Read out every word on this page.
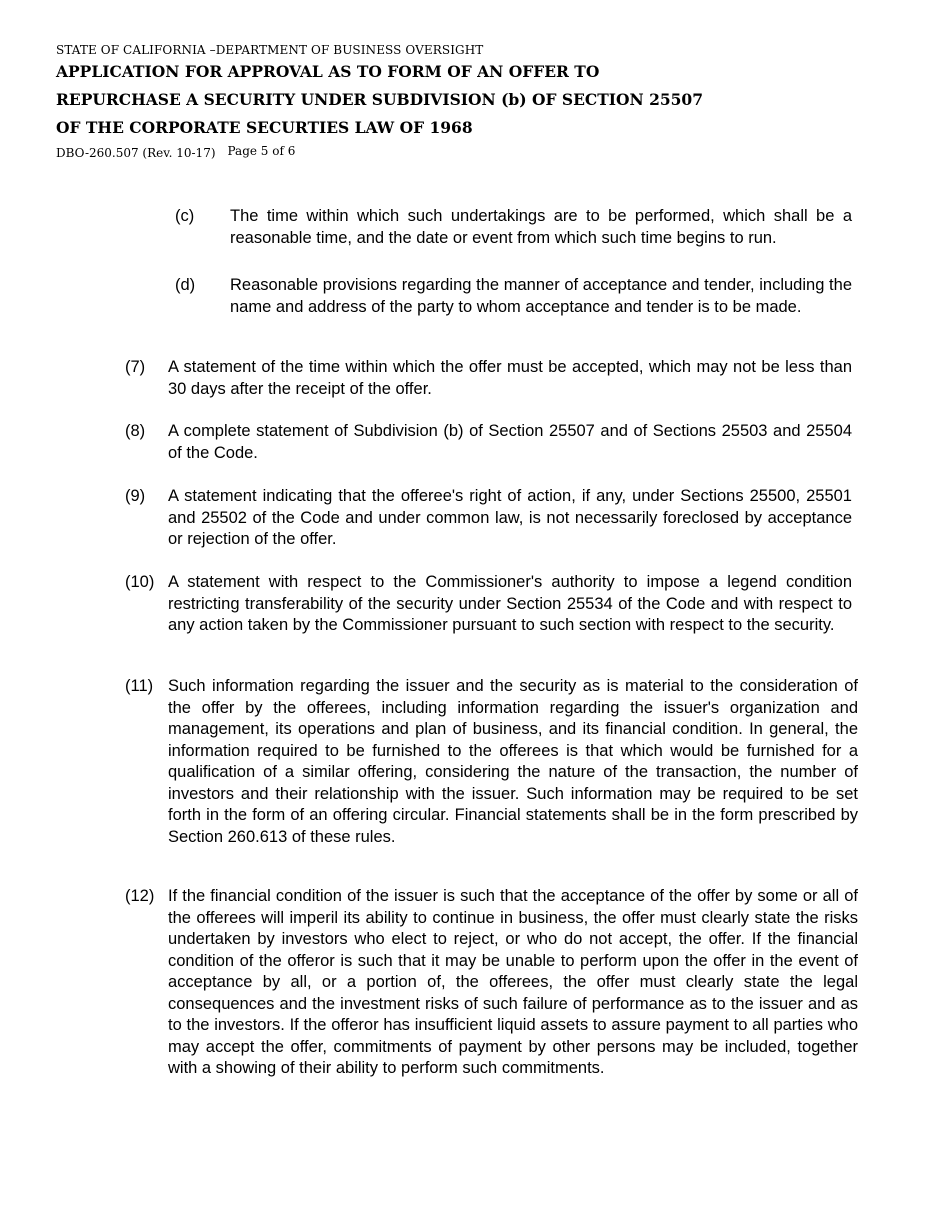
STATE OF CALIFORNIA –DEPARTMENT OF BUSINESS OVERSIGHT
APPLICATION FOR APPROVAL AS TO FORM OF AN OFFER TO
REPURCHASE A SECURITY UNDER SUBDIVISION (b) OF SECTION 25507
OF THE CORPORATE SECURTIES LAW OF 1968
DBO-260.507 (Rev. 10-17) Page 5 of 6
(c) The time within which such undertakings are to be performed, which shall be a reasonable time, and the date or event from which such time begins to run.
(d) Reasonable provisions regarding the manner of acceptance and tender, including the name and address of the party to whom acceptance and tender is to be made.
(7) A statement of the time within which the offer must be accepted, which may not be less than 30 days after the receipt of the offer.
(8) A complete statement of Subdivision (b) of Section 25507 and of Sections 25503 and 25504 of the Code.
(9) A statement indicating that the offeree's right of action, if any, under Sections 25500, 25501 and 25502 of the Code and under common law, is not necessarily foreclosed by acceptance or rejection of the offer.
(10) A statement with respect to the Commissioner's authority to impose a legend condition restricting transferability of the security under Section 25534 of the Code and with respect to any action taken by the Commissioner pursuant to such section with respect to the security.
(11) Such information regarding the issuer and the security as is material to the consideration of the offer by the offerees, including information regarding the issuer's organization and management, its operations and plan of business, and its financial condition. In general, the information required to be furnished to the offerees is that which would be furnished for a qualification of a similar offering, considering the nature of the transaction, the number of investors and their relationship with the issuer. Such information may be required to be set forth in the form of an offering circular. Financial statements shall be in the form prescribed by Section 260.613 of these rules.
(12) If the financial condition of the issuer is such that the acceptance of the offer by some or all of the offerees will imperil its ability to continue in business, the offer must clearly state the risks undertaken by investors who elect to reject, or who do not accept, the offer. If the financial condition of the offeror is such that it may be unable to perform upon the offer in the event of acceptance by all, or a portion of, the offerees, the offer must clearly state the legal consequences and the investment risks of such failure of performance as to the issuer and as to the investors. If the offeror has insufficient liquid assets to assure payment to all parties who may accept the offer, commitments of payment by other persons may be included, together with a showing of their ability to perform such commitments.
